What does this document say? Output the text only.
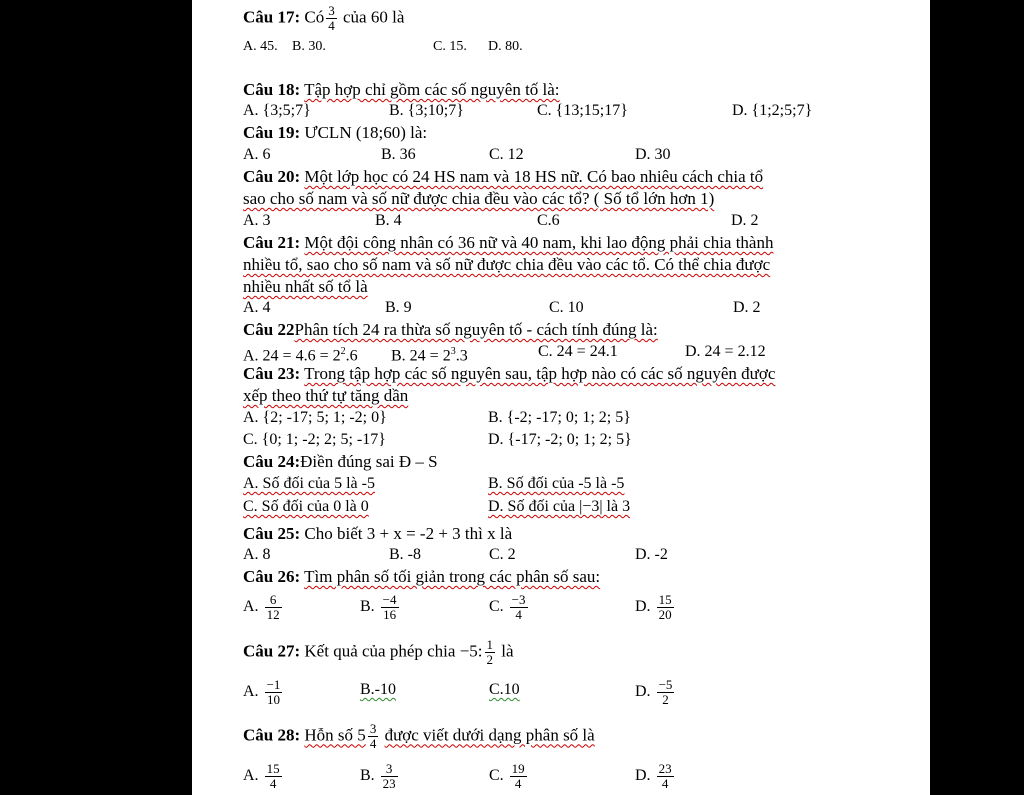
Câu 17: Có $\frac{3}{4}$ của 60 là
A. 45. B. 30.	C. 15. D. 80.
Câu 18: Tập hợp chỉ gồm các số nguyên tố là:
A. {3;5;7}	B. {3;10;7}	C. {13;15;17}	D. {1;2;5;7}
Câu 19: ƯCLN (18;60) là:
A. 6	B. 36	C. 12	D. 30
Câu 20: Một lớp học có 24 HS nam và 18 HS nữ. Có bao nhiêu cách chia tổ
sao cho số nam và số nữ được chia đều vào các tổ? ( Số tổ lớn hơn 1)
A. 3	B. 4	C.6	D. 2
Câu 21: Một đội công nhân có 36 nữ và 40 nam, khi lao động phải chia thành
nhiều tổ, sao cho số nam và số nữ được chia đều vào các tổ. Có thể chia được
nhiều nhất số tổ là
A. 4	B. 9	C. 10	D. 2
Câu 22Phân tích 24 ra thừa số nguyên tố - cách tính đúng là:
A. $24 = 4.6 = 2^2.6$ B. $24 = 2^3.3$	C. 24 = 24.1	D. 24 = 2.12
Câu 23: Trong tập hợp các số nguyên sau, tập hợp nào có các số nguyên được
xếp theo thứ tự tăng dần
A. {2; -17; 5; 1; -2; 0}	B. {-2; -17; 0; 1; 2; 5}
C. {0; 1; -2; 2; 5; -17}	D. {-17; -2; 0; 1; 2; 5}
Câu 24:Điền đúng sai Đ – S
A. Số đối của 5 là -5	B. Số đối của -5 là -5
C. Số đối của 0 là 0	D. Số đối của |−3| là 3
Câu 25: Cho biết 3 + x = -2 + 3 thì x là
A. 8	B. -8	C. 2	D. -2
Câu 26: Tìm phân số tối giản trong các phân số sau:
A. $\frac{6}{12}$	B. $\frac{-4}{16}$	C. $\frac{-3}{4}$	D. $\frac{15}{20}$
Câu 27: Kết quả của phép chia −5: $\frac{1}{2}$ là
A. $\frac{-1}{10}$	B.-10	C.10	D. $\frac{-5}{2}$
Câu 28: Hỗn số $5 \frac{3}{4}$ được viết dưới dạng phân số là
A. $\frac{15}{4}$	B. $\frac{3}{23}$	C. $\frac{19}{4}$	D. $\frac{23}{4}$
